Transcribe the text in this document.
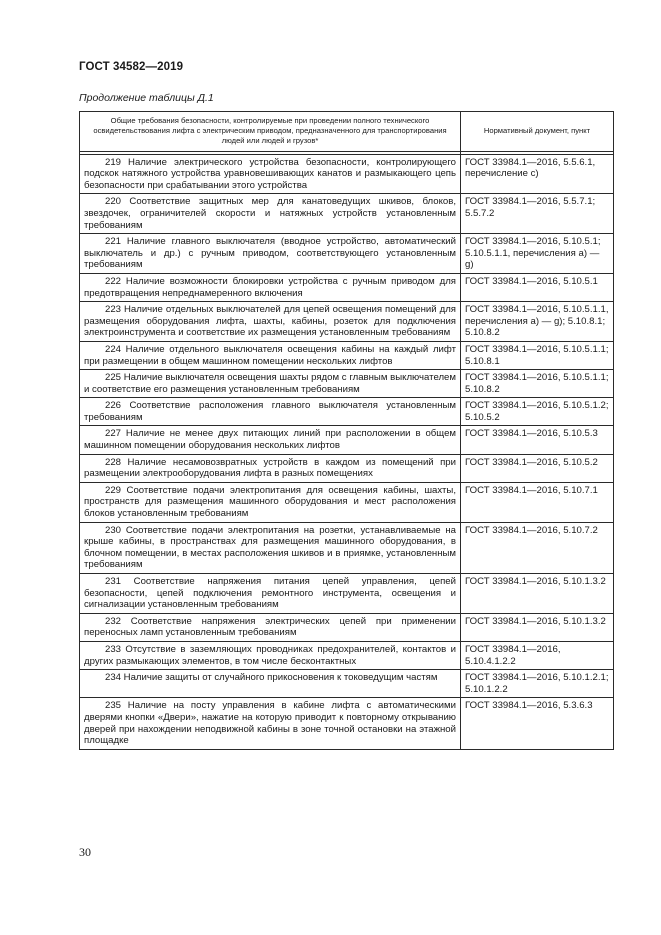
ГОСТ 34582—2019
Продолжение таблицы Д.1
Общие требования безопасности, контролируемые при проведении полного технического освидетельствования лифта с электрическим приводом, предназначенного для транспортирования людей или людей и грузов*	Нормативный документ, пункт

219 Наличие электрического устройства безопасности, контролирующего подскок натяжного устройства уравновешивающих канатов и размыкающего цепь безопасности при срабатывании этого устройства	ГОСТ 33984.1—2016, 5.5.6.1, перечисление с)
220 Соответствие защитных мер для канатоведущих шкивов, блоков, звездочек, ограничителей скорости и натяжных устройств установленным требованиям	ГОСТ 33984.1—2016, 5.5.7.1; 5.5.7.2
221 Наличие главного выключателя (вводное устройство, автоматический выключатель и др.) с ручным приводом, соответствующего установленным требованиям	ГОСТ 33984.1—2016, 5.10.5.1; 5.10.5.1.1, перечисления а) — g)
222 Наличие возможности блокировки устройства с ручным приводом для предотвращения непреднамеренного включения	ГОСТ 33984.1—2016, 5.10.5.1
223 Наличие отдельных выключателей для цепей освещения помещений для размещения оборудования лифта, шахты, кабины, розеток для подключения электроинструмента и соответствие их размещения установленным требованиям	ГОСТ 33984.1—2016, 5.10.5.1.1, перечисления а) — g); 5.10.8.1; 5.10.8.2
224 Наличие отдельного выключателя освещения кабины на каждый лифт при размещении в общем машинном помещении нескольких лифтов	ГОСТ 33984.1—2016, 5.10.5.1.1; 5.10.8.1
225 Наличие выключателя освещения шахты рядом с главным выключателем и соответствие его размещения установленным требованиям	ГОСТ 33984.1—2016, 5.10.5.1.1; 5.10.8.2
226 Соответствие расположения главного выключателя установленным требованиям	ГОСТ 33984.1—2016, 5.10.5.1.2; 5.10.5.2
227 Наличие не менее двух питающих линий при расположении в общем машинном помещении оборудования нескольких лифтов	ГОСТ 33984.1—2016, 5.10.5.3
228 Наличие несамовозвратных устройств в каждом из помещений при размещении электрооборудования лифта в разных помещениях	ГОСТ 33984.1—2016, 5.10.5.2
229 Соответствие подачи электропитания для освещения кабины, шахты, пространств для размещения машинного оборудования и мест расположения блоков установленным требованиям	ГОСТ 33984.1—2016, 5.10.7.1
230 Соответствие подачи электропитания на розетки, устанавливаемые на крыше кабины, в пространствах для размещения машинного оборудования, в блочном помещении, в местах расположения шкивов и в приямке, установленным требованиям	ГОСТ 33984.1—2016, 5.10.7.2
231 Соответствие напряжения питания цепей управления, цепей безопасности, цепей подключения ремонтного инструмента, освещения и сигнализации установленным требованиям	ГОСТ 33984.1—2016, 5.10.1.3.2
232 Соответствие напряжения электрических цепей при применении переносных ламп установленным требованиям	ГОСТ 33984.1—2016, 5.10.1.3.2
233 Отсутствие в заземляющих проводниках предохранителей, контактов и других размыкающих элементов, в том числе бесконтактных	ГОСТ 33984.1—2016, 5.10.4.1.2.2
234 Наличие защиты от случайного прикосновения к токоведущим частям	ГОСТ 33984.1—2016, 5.10.1.2.1; 5.10.1.2.2
235 Наличие на посту управления в кабине лифта с автоматическими дверями кнопки «Двери», нажатие на которую приводит к повторному открыванию дверей при нахождении неподвижной кабины в зоне точной остановки на этажной площадке	ГОСТ 33984.1—2016, 5.3.6.3
30
